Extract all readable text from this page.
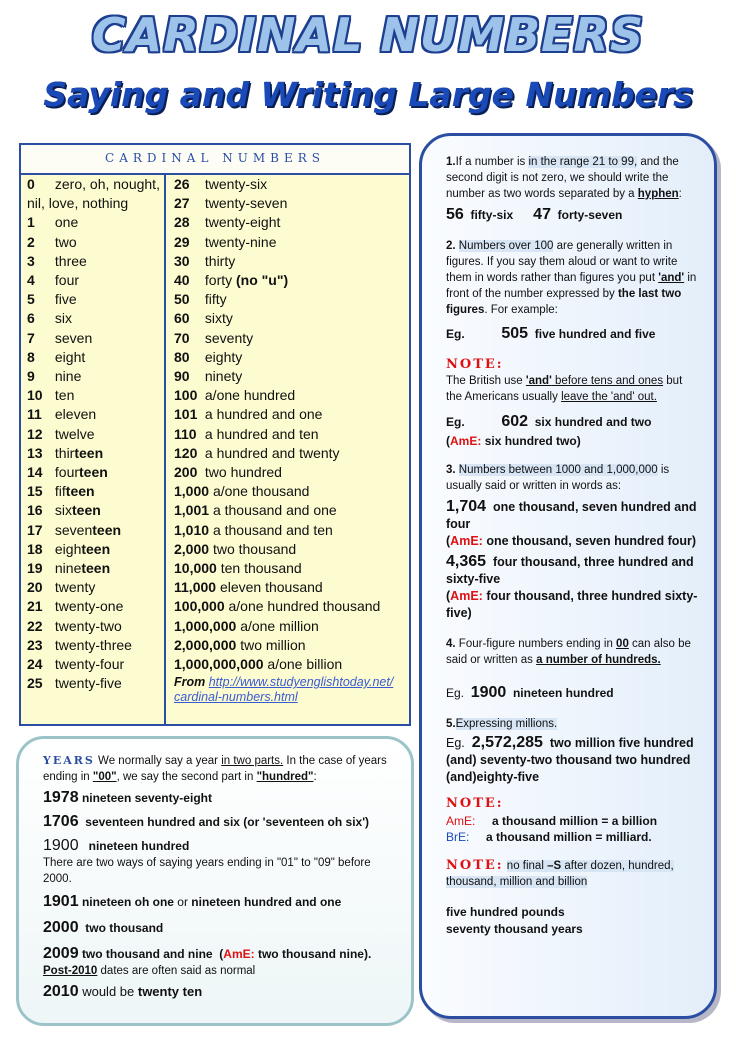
CARDINAL NUMBERS
Saying and Writing Large Numbers
CARDINAL NUMBERS
0 zero, oh, nought, nil, love, nothing
1 one
2 two
3 three
4 four
5 five
6 six
7 seven
8 eight
9 nine
10 ten
11 eleven
12 twelve
13 thirteen
14 fourteen
15 fifteen
16 sixteen
17 seventeen
18 eighteen
19 nineteen
20 twenty
21 twenty-one
22 twenty-two
23 twenty-three
24 twenty-four
25 twenty-five
26 twenty-six
27 twenty-seven
28 twenty-eight
29 twenty-nine
30 thirty
40 forty (no "u")
50 fifty
60 sixty
70 seventy
80 eighty
90 ninety
100 a/one hundred
101 a hundred and one
110 a hundred and ten
120 a hundred and twenty
200 two hundred
1,000 a/one thousand
1,001 a thousand and one
1,010 a thousand and ten
2,000 two thousand
10,000 ten thousand
11,000 eleven thousand
100,000 a/one hundred thousand
1,000,000 a/one million
2,000,000 two million
1,000,000,000 a/one billion
From http://www.studyenglishtoday.net/
cardinal-numbers.html

YEARS We normally say a year in two parts. In the case of years ending in "00", we say the second part in "hundred":

1978 nineteen seventy-eight

1706 seventeen hundred and six (or 'seventeen oh six')

1900 nineteen hundred

There are two ways of saying years ending in "01" to "09" before 2000.

1901 nineteen oh one or nineteen hundred and one

2000 two thousand

2009 two thousand and nine (AmE: two thousand nine).

Post-2010 dates are often said as normal

2010 would be twenty ten

1.If a number is in the range 21 to 99, and the second digit is not zero, we should write the number as two words separated by a hyphen:

56 fifty-six 47 forty-seven

2. Numbers over 100 are generally written in figures. If you say them aloud or want to write them in words rather than figures you put 'and' in front of the number expressed by the last two figures. For example:

Eg. 505 five hundred and five

NOTE:

The British use 'and' before tens and ones but the Americans usually leave the 'and' out.

Eg. 602 six hundred and two

(AmE: six hundred two)

3. Numbers between 1000 and 1,000,000 is usually said or written in words as:

1,704 one thousand, seven hundred and four

(AmE: one thousand, seven hundred four)

4,365 four thousand, three hundred and sixty-five

(AmE: four thousand, three hundred sixty-five)

4. Four-figure numbers ending in 00 can also be said or written as a number of hundreds.

Eg. 1900 nineteen hundred

5.Expressing millions.

Eg. 2,572,285 two million five hundred (and) seventy-two thousand two hundred (and)eighty-five

NOTE:

AmE: a thousand million = a billion

BrE: a thousand million = milliard.

NOTE: no final –S after dozen, hundred, thousand, million and billion

five hundred pounds

seventy thousand years
